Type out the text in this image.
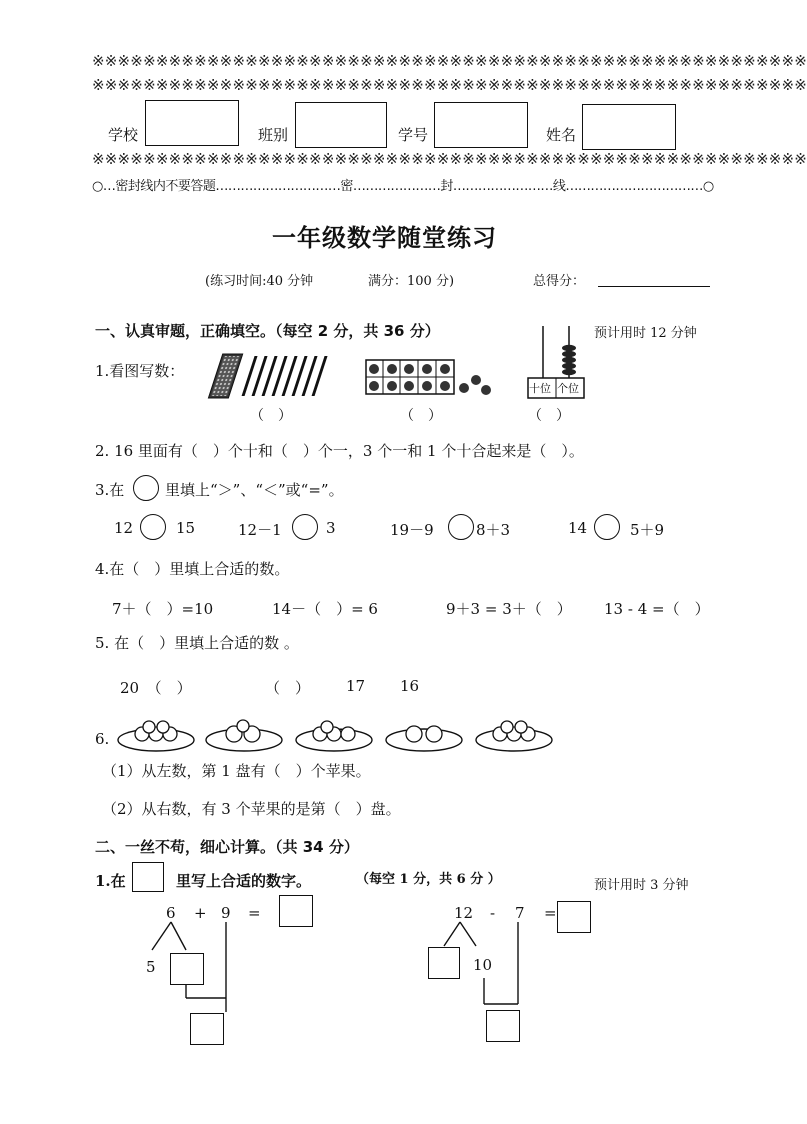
※※※※※※※※※※※※※※※※※※※※※※※※※※※※※※※※※※※※※※※※※※※※※※※※※※※※※※※※
※※※※※※※※※※※※※※※※※※※※※※※※※※※※※※※※※※※※※※※※※※※※※※※※※※※※※※※※
学校	班别	学号	姓名
※※※※※※※※※※※※※※※※※※※※※※※※※※※※※※※※※※※※※※※※※※※※※※※※※※※※※※※※
○…密封线内不要答题…………………………密…………………封……………………线……………………………○
一年级数学随堂练习
(练习时间:40 分钟	满分：100 分)	总得分：
一、认真审题，正确填空。（每空 2 分，共 36 分）	预计用时 12 分钟
1.看图写数：
十位 个位
（　）	（　）	（　）
2. 16 里面有（　）个十和（　）个一，3 个一和 1 个十合起来是（　）。
3.在	里填上“＞”、“＜”或“=”。
12	15	12－1	3	19－9	8＋3	14	5＋9
4.在（　）里填上合适的数。
7＋（　）=10	14－（　）= 6	9＋3 = 3＋（　） 13 - 4 =（　）
5. 在（　）里填上合适的数 。
20　（　）	（　） 17 16
6.
（1）从左数，第 1 盘有（　）个苹果。
（2）从右数，有 3 个苹果的是第（　）盘。
二、一丝不苟，细心计算。（共 34 分）
1.在	里写上合适的数字。	（每空 1 分，共 6 分 ）	预计用时 3 分钟
6 + 9 =
5
12 - 7 =
10
